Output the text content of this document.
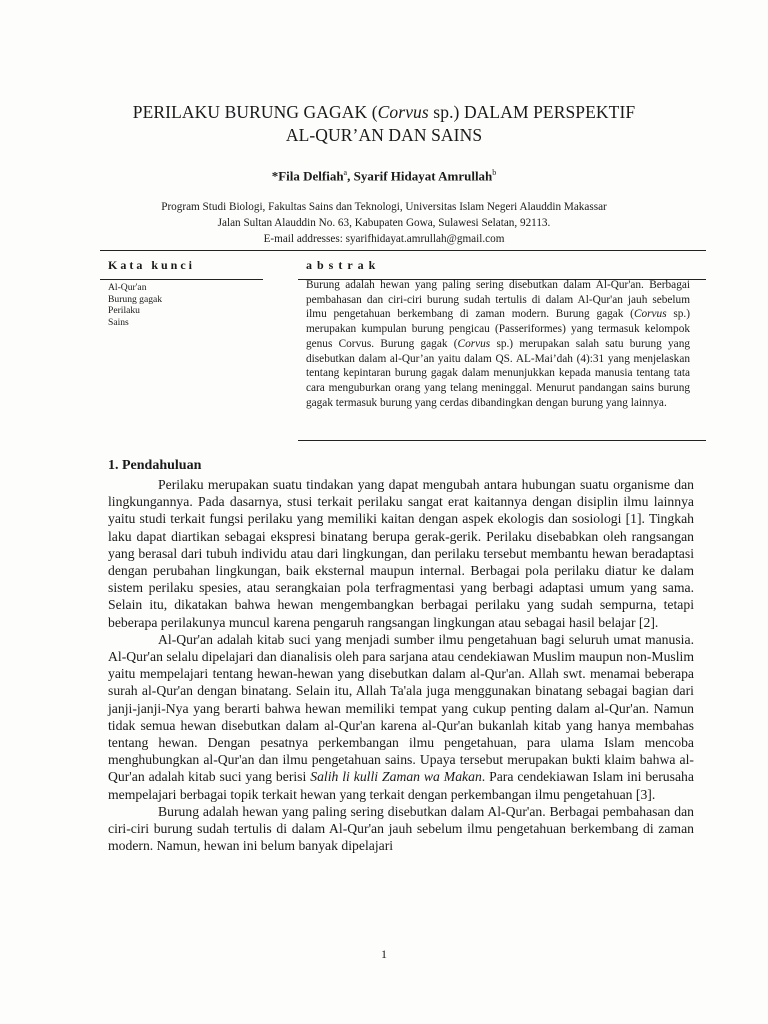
PERILAKU BURUNG GAGAK (Corvus sp.) DALAM PERSPEKTIF
AL-QUR’AN DAN SAINS
*Fila Delfiah$^a$, Syarif Hidayat Amrullah$^b$
Program Studi Biologi, Fakultas Sains dan Teknologi, Universitas Islam Negeri Alauddin Makassar
Jalan Sultan Alauddin No. 63, Kabupaten Gowa, Sulawesi Selatan, 92113.
E-mail addresses: syarifhidayat.amrullah@gmail.com
Kata kunci	abstrak
Al-Qur'an
Burung gagak
Perilaku
Sains
Burung adalah hewan yang paling sering disebutkan dalam Al-Qur'an. Berbagai pembahasan dan ciri-ciri burung sudah tertulis di dalam Al-Qur'an jauh sebelum ilmu pengetahuan berkembang di zaman modern. Burung gagak (Corvus sp.) merupakan kumpulan burung pengicau (Passeriformes) yang termasuk kelompok genus Corvus. Burung gagak (Corvus sp.) merupakan salah satu burung yang disebutkan dalam al-Qur’an yaitu dalam QS. AL-Mai’dah (4):31 yang menjelaskan tentang kepintaran burung gagak dalam menunjukkan kepada manusia tentang tata cara menguburkan orang yang telang meninggal. Menurut pandangan sains burung gagak termasuk burung yang cerdas dibandingkan dengan burung yang lainnya.
1. Pendahuluan

Perilaku merupakan suatu tindakan yang dapat mengubah antara hubungan suatu organisme dan lingkungannya. Pada dasarnya, stusi terkait perilaku sangat erat kaitannya dengan disiplin ilmu lainnya yaitu studi terkait fungsi perilaku yang memiliki kaitan dengan aspek ekologis dan sosiologi [1]. Tingkah laku dapat diartikan sebagai ekspresi binatang berupa gerak-gerik. Perilaku disebabkan oleh rangsangan yang berasal dari tubuh individu atau dari lingkungan, dan perilaku tersebut membantu hewan beradaptasi dengan perubahan lingkungan, baik eksternal maupun internal. Berbagai pola perilaku diatur ke dalam sistem perilaku spesies, atau serangkaian pola terfragmentasi yang berbagi adaptasi umum yang sama. Selain itu, dikatakan bahwa hewan mengembangkan berbagai perilaku yang sudah sempurna, tetapi beberapa perilakunya muncul karena pengaruh rangsangan lingkungan atau sebagai hasil belajar [2].

Al-Qur'an adalah kitab suci yang menjadi sumber ilmu pengetahuan bagi seluruh umat manusia. Al-Qur'an selalu dipelajari dan dianalisis oleh para sarjana atau cendekiawan Muslim maupun non-Muslim yaitu mempelajari tentang hewan-hewan yang disebutkan dalam al-Qur'an. Allah swt. menamai beberapa surah al-Qur'an dengan binatang. Selain itu, Allah Ta'ala juga menggunakan binatang sebagai bagian dari janji-janji-Nya yang berarti bahwa hewan memiliki tempat yang cukup penting dalam al-Qur'an. Namun tidak semua hewan disebutkan dalam al-Qur'an karena al-Qur'an bukanlah kitab yang hanya membahas tentang hewan. Dengan pesatnya perkembangan ilmu pengetahuan, para ulama Islam mencoba menghubungkan al-Qur'an dan ilmu pengetahuan sains. Upaya tersebut merupakan bukti klaim bahwa al-Qur'an adalah kitab suci yang berisi Salih li kulli Zaman wa Makan. Para cendekiawan Islam ini berusaha mempelajari berbagai topik terkait hewan yang terkait dengan perkembangan ilmu pengetahuan [3].

Burung adalah hewan yang paling sering disebutkan dalam Al-Qur'an. Berbagai pembahasan dan ciri-ciri burung sudah tertulis di dalam Al-Qur'an jauh sebelum ilmu pengetahuan berkembang di zaman modern. Namun, hewan ini belum banyak dipelajari

1
